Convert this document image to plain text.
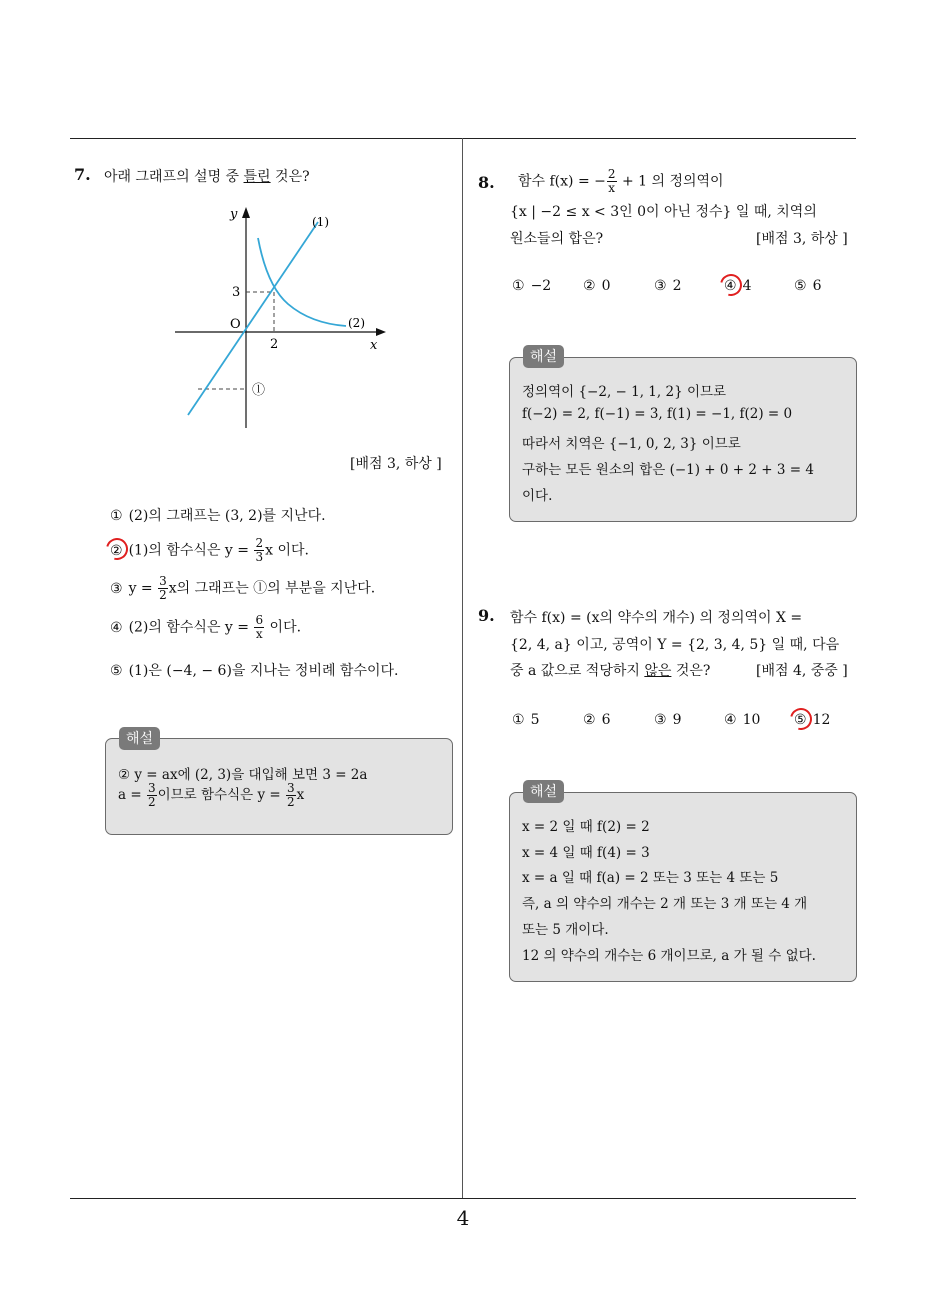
4
7. 아래 그래프의 설명 중 틀린 것은?
y
x
O
3
2
(1)
(2)
ⓛ
[배점 3, 하상 ]
① (2)의 그래프는 (3, 2)를 지난다.
② (1)의 함수식은 $y = \frac{2}{3}$ x 이다.
③ $y = \frac{3}{2}$ x의 그래프는 ⓛ의 부분을 지난다.
④ (2)의 함수식은 $y = \frac{6}{x}$ 이다.
⑤ (1)은 (−4, − 6)을 지나는 정비례 함수이다.
해설
② y = ax에 (2, 3)을 대입해 보면 3 = 2a
$a = \frac{3}{2}$ 이므로 함수식은 $y = \frac{3}{2}$ x
8. 함수 f(x) = − $\frac{2}{x} + 1$ 의 정의역이
{x | −2 ≤ x < 3인 0이 아닌 정수} 일 때, 치역의
원소들의 합은?	[배점 3, 하상 ]
① −2 ② 0	③ 2	④ 4	⑤ 6
해설
정의역이 {−2, − 1, 1, 2} 이므로
f(−2) = 2, f(−1) = 3, f(1) = −1, f(2) = 0
따라서 치역은 {−1, 0, 2, 3} 이므로
구하는 모든 원소의 합은 (−1) + 0 + 2 + 3 = 4
이다.
9. 함수 f(x) = (x의 약수의 개수) 의 정의역이 X =
{2, 4, a} 이고, 공역이 Y = {2, 3, 4, 5} 일 때, 다음
중 a 값으로 적당하지 않은 것은?	[배점 4, 중중 ]
① 5	② 6	③ 9	④ 10 ⑤ 12
해설
x = 2 일 때 f(2) = 2
x = 4 일 때 f(4) = 3
x = a 일 때 f(a) = 2 또는 3 또는 4 또는 5
즉, a 의 약수의 개수는 2 개 또는 3 개 또는 4 개
또는 5 개이다.
12 의 약수의 개수는 6 개이므로, a 가 될 수 없다.
